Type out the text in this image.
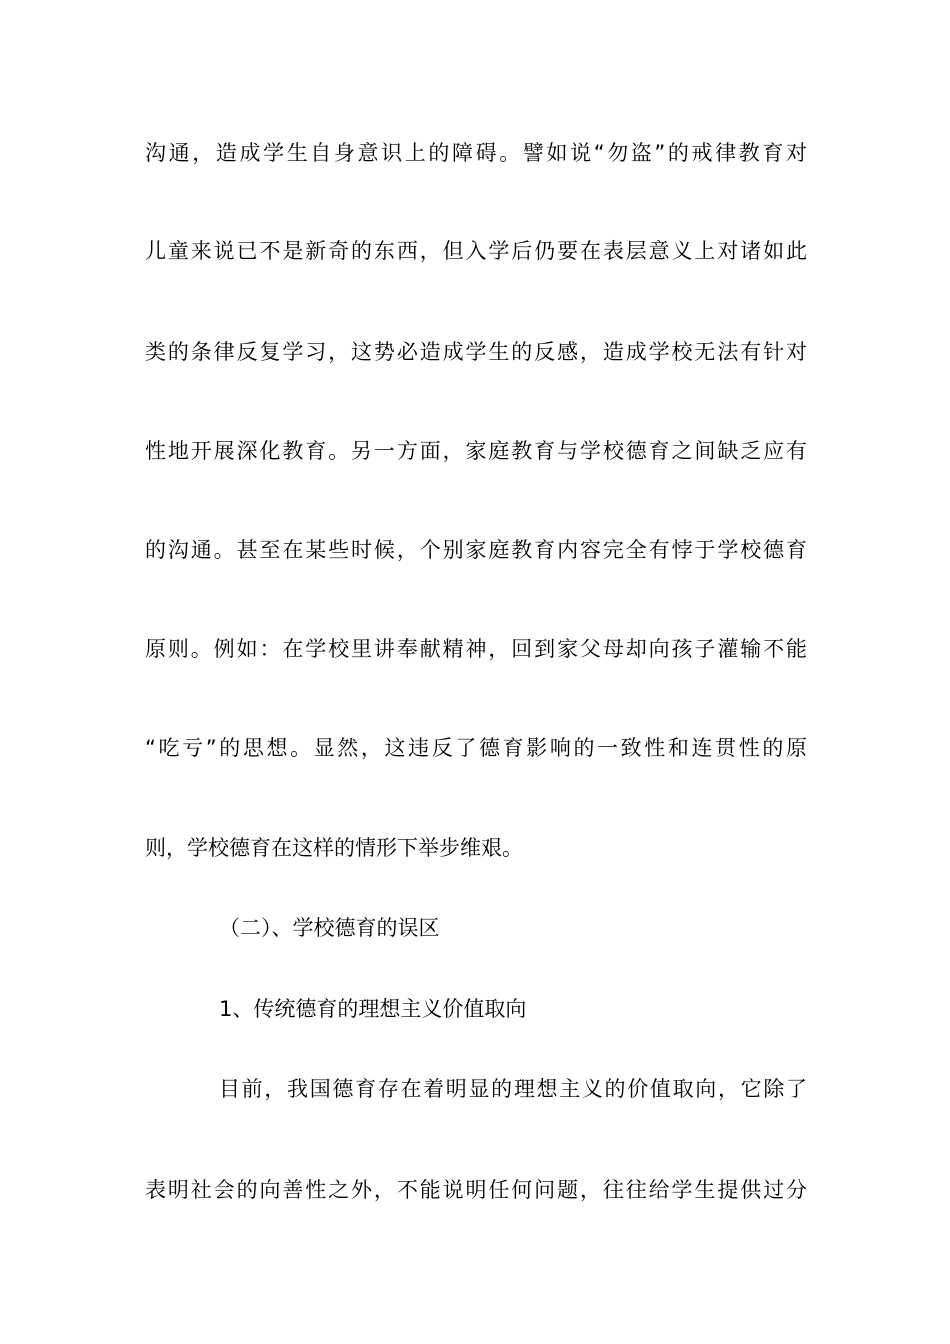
沟通，造成学生自身意识上的障碍。譬如说“勿盗”的戒律教育对
儿童来说已不是新奇的东西，但入学后仍要在表层意义上对诸如此
类的条律反复学习，这势必造成学生的反感，造成学校无法有针对
性地开展深化教育。另一方面，家庭教育与学校德育之间缺乏应有
的沟通。甚至在某些时候，个别家庭教育内容完全有悖于学校德育
原则。例如：在学校里讲奉献精神，回到家父母却向孩子灌输不能
“吃亏”的思想。显然，这违反了德育影响的一致性和连贯性的原
则，学校德育在这样的情形下举步维艰。
（二）、学校德育的误区
1、传统德育的理想主义价值取向
目前，我国德育存在着明显的理想主义的价值取向，它除了
表明社会的向善性之外，不能说明任何问题，往往给学生提供过分
